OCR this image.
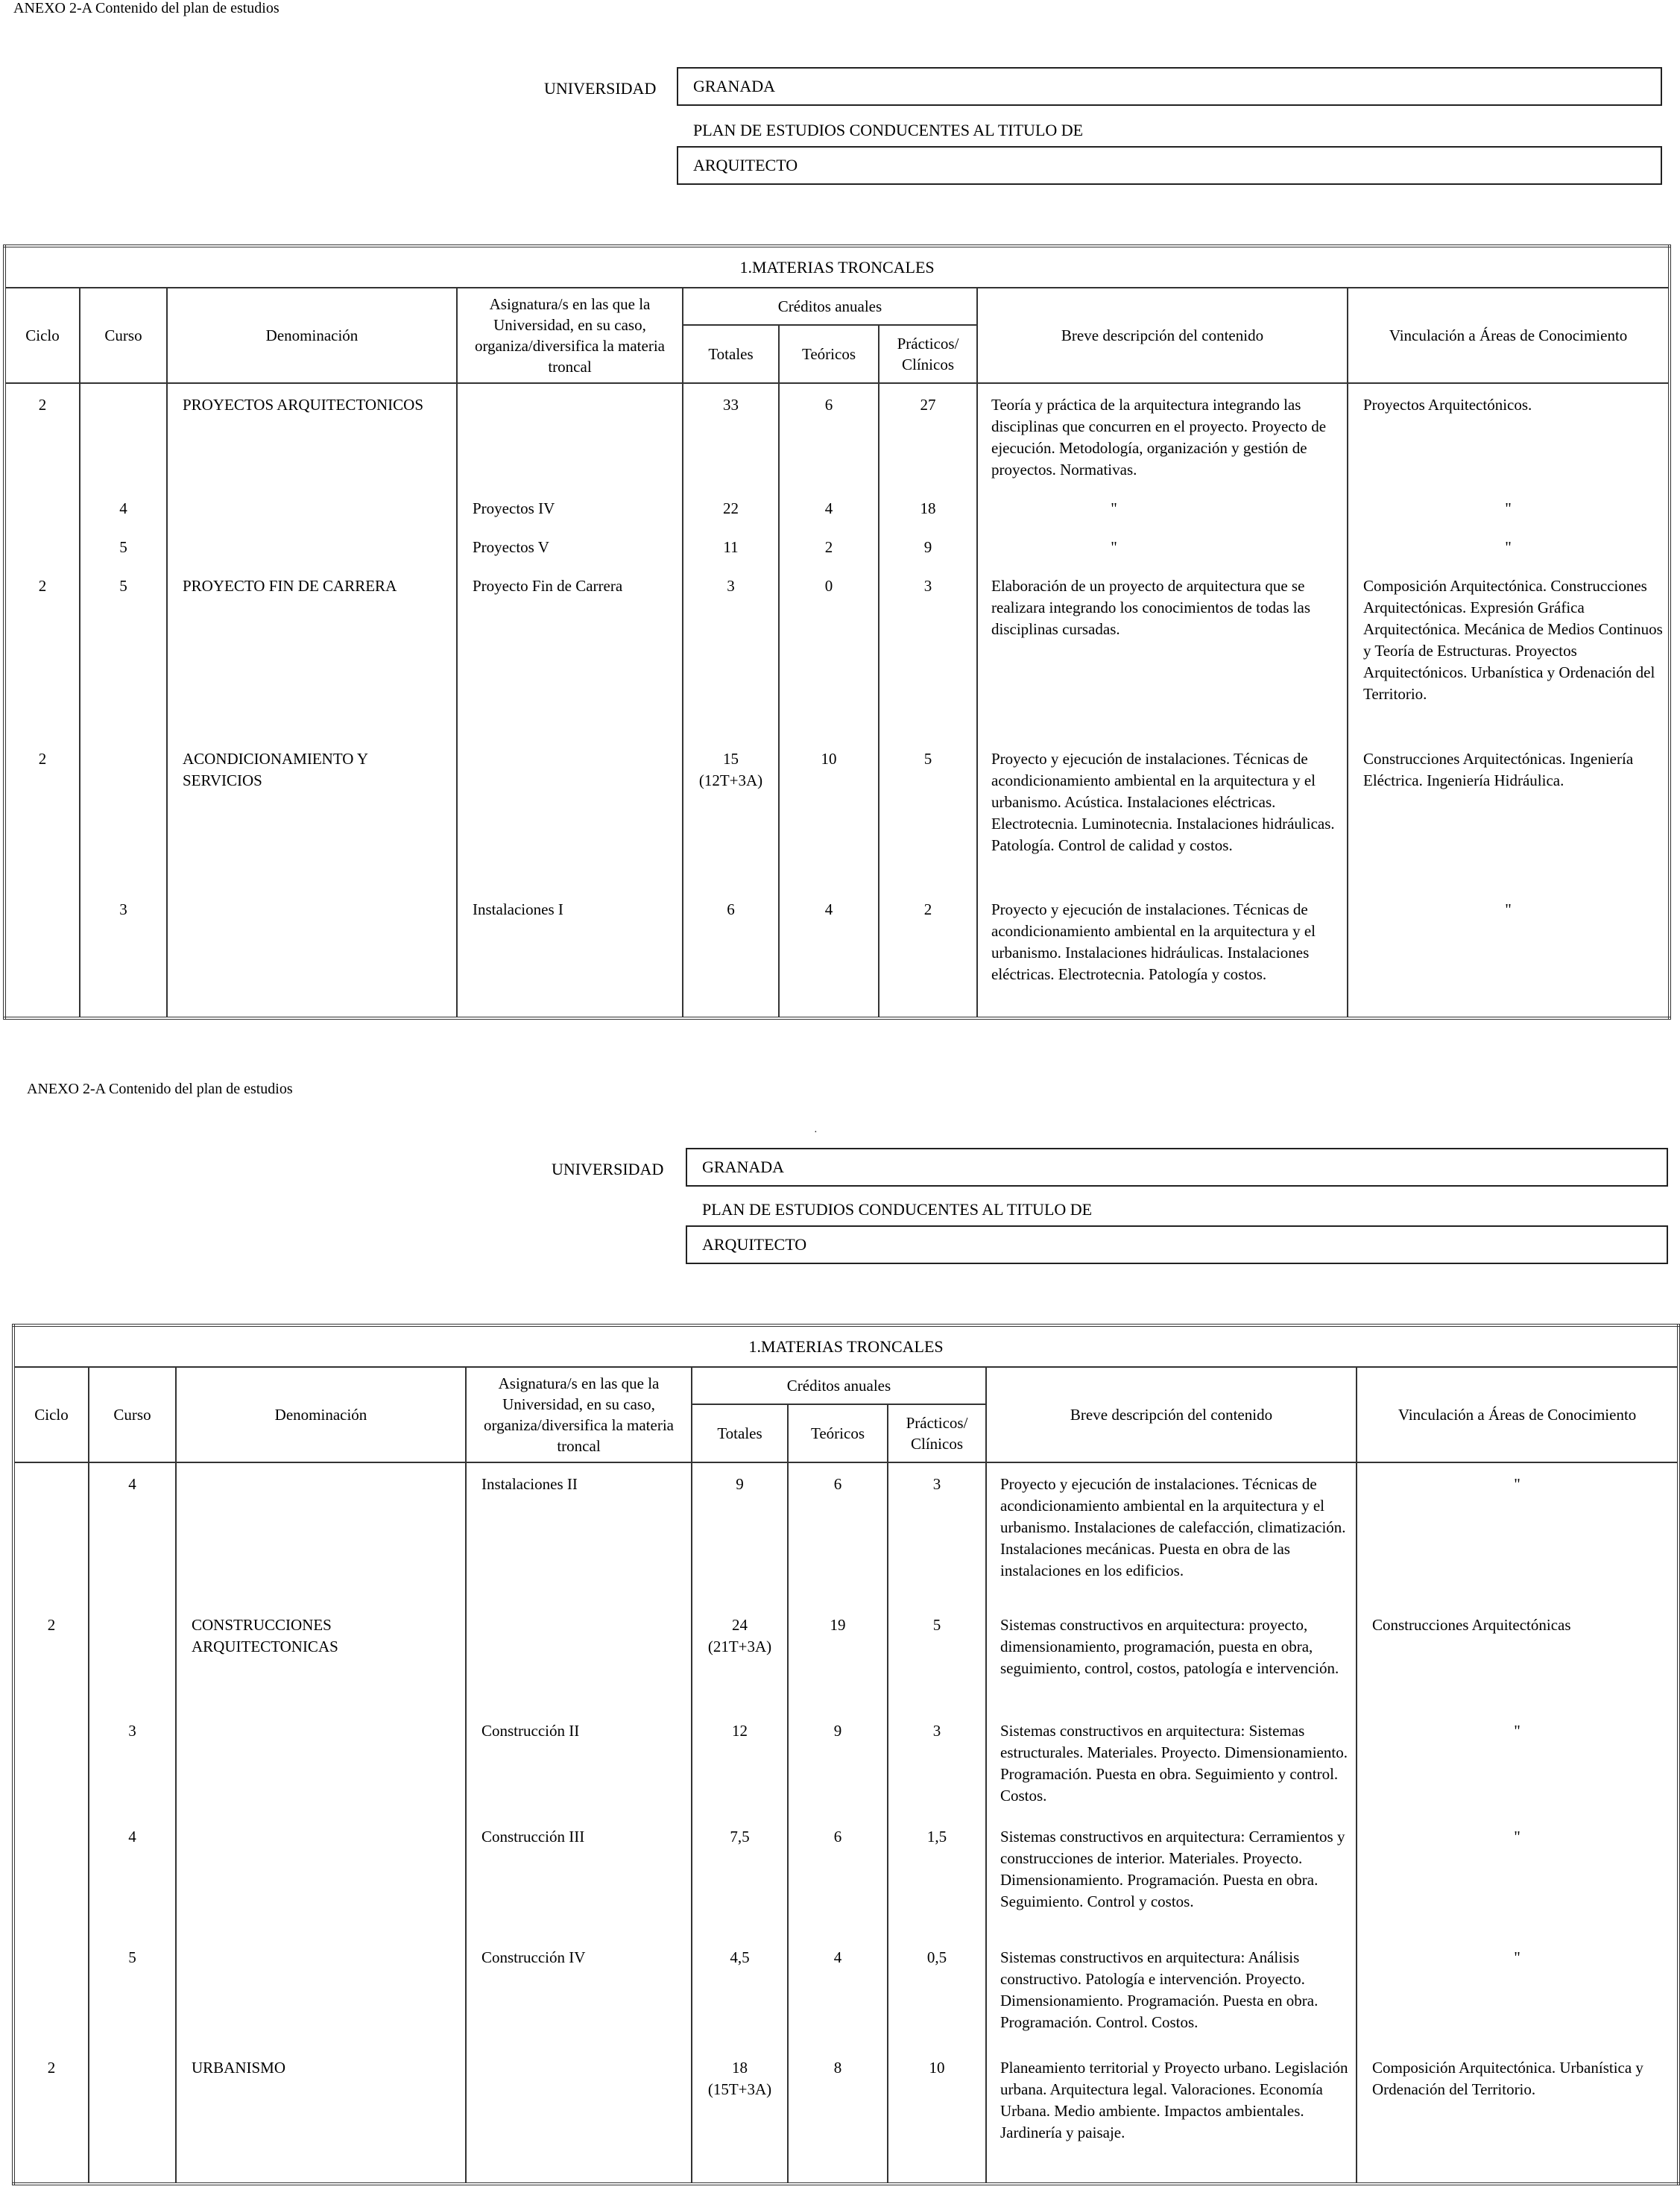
ANEXO 2-A Contenido del plan de estudios
UNIVERSIDAD	GRANADA
PLAN DE ESTUDIOS CONDUCENTES AL TITULO DE
ARQUITECTO
1.MATERIAS TRONCALES								
Ciclo	Curso	Denominación	Asignatura/s en las que la Universidad, en su caso, organiza/diversifica la materia troncal	Créditos anuales			Breve descripción del contenido	Vinculación a Áreas de Conocimiento
				Totales	Teóricos	Prácticos/ Clínicos		
2		PROYECTOS ARQUITECTONICOS		33	6	27	Teoría y práctica de la arquitectura integrando las disciplinas que concurren en el proyecto. Proyecto de ejecución. Metodología, organización y gestión de proyectos. Normativas.	Proyectos Arquitectónicos.
	4		Proyectos IV	22	4	18	"	"
	5		Proyectos V	11	2	9	"	"
2	5	PROYECTO FIN DE CARRERA	Proyecto Fin de Carrera	3	0	3	Elaboración de un proyecto de arquitectura que se realizara integrando los conocimientos de todas las disciplinas cursadas.	Composición Arquitectónica. Construcciones Arquitectónicas. Expresión Gráfica Arquitectónica. Mecánica de Medios Continuos y Teoría de Estructuras. Proyectos Arquitectónicos. Urbanística y Ordenación del Territorio.
2		ACONDICIONAMIENTO Y SERVICIOS		15 (12T+3A)	10	5	Proyecto y ejecución de instalaciones. Técnicas de acondicionamiento ambiental en la arquitectura y el urbanismo. Acústica. Instalaciones eléctricas. Electrotecnia. Luminotecnia. Instalaciones hidráulicas. Patología. Control de calidad y costos.	Construcciones Arquitectónicas. Ingeniería Eléctrica. Ingeniería Hidráulica.
	3		Instalaciones I	6	4	2	Proyecto y ejecución de instalaciones. Técnicas de acondicionamiento ambiental en la arquitectura y el urbanismo. Instalaciones hidráulicas. Instalaciones eléctricas. Electrotecnia. Patología y costos.	"
ANEXO 2-A Contenido del plan de estudios
·
UNIVERSIDAD	GRANADA
PLAN DE ESTUDIOS CONDUCENTES AL TITULO DE
ARQUITECTO
1.MATERIAS TRONCALES								
Ciclo	Curso	Denominación	Asignatura/s en las que la Universidad, en su caso, organiza/diversifica la materia troncal	Créditos anuales			Breve descripción del contenido	Vinculación a Áreas de Conocimiento
				Totales	Teóricos	Prácticos/ Clínicos		
	4		Instalaciones II	9	6	3	Proyecto y ejecución de instalaciones. Técnicas de acondicionamiento ambiental en la arquitectura y el urbanismo. Instalaciones de calefacción, climatización. Instalaciones mecánicas. Puesta en obra de las instalaciones en los edificios.	"
2		CONSTRUCCIONES ARQUITECTONICAS		24 (21T+3A)	19	5	Sistemas constructivos en arquitectura: proyecto, dimensionamiento, programación, puesta en obra, seguimiento, control, costos, patología e intervención.	Construcciones Arquitectónicas
	3		Construcción II	12	9	3	Sistemas constructivos en arquitectura: Sistemas estructurales. Materiales. Proyecto. Dimensionamiento. Programación. Puesta en obra. Seguimiento y control. Costos.	"
	4		Construcción III	7,5	6	1,5	Sistemas constructivos en arquitectura: Cerramientos y construcciones de interior. Materiales. Proyecto. Dimensionamiento. Programación. Puesta en obra. Seguimiento. Control y costos.	"
	5		Construcción IV	4,5	4	0,5	Sistemas constructivos en arquitectura: Análisis constructivo. Patología e intervención. Proyecto. Dimensionamiento. Programación. Puesta en obra. Programación. Control. Costos.	"
2		URBANISMO		18 (15T+3A)	8	10	Planeamiento territorial y Proyecto urbano. Legislación urbana. Arquitectura legal. Valoraciones. Economía Urbana. Medio ambiente. Impactos ambientales. Jardinería y paisaje.	Composición Arquitectónica. Urbanística y Ordenación del Territorio.
